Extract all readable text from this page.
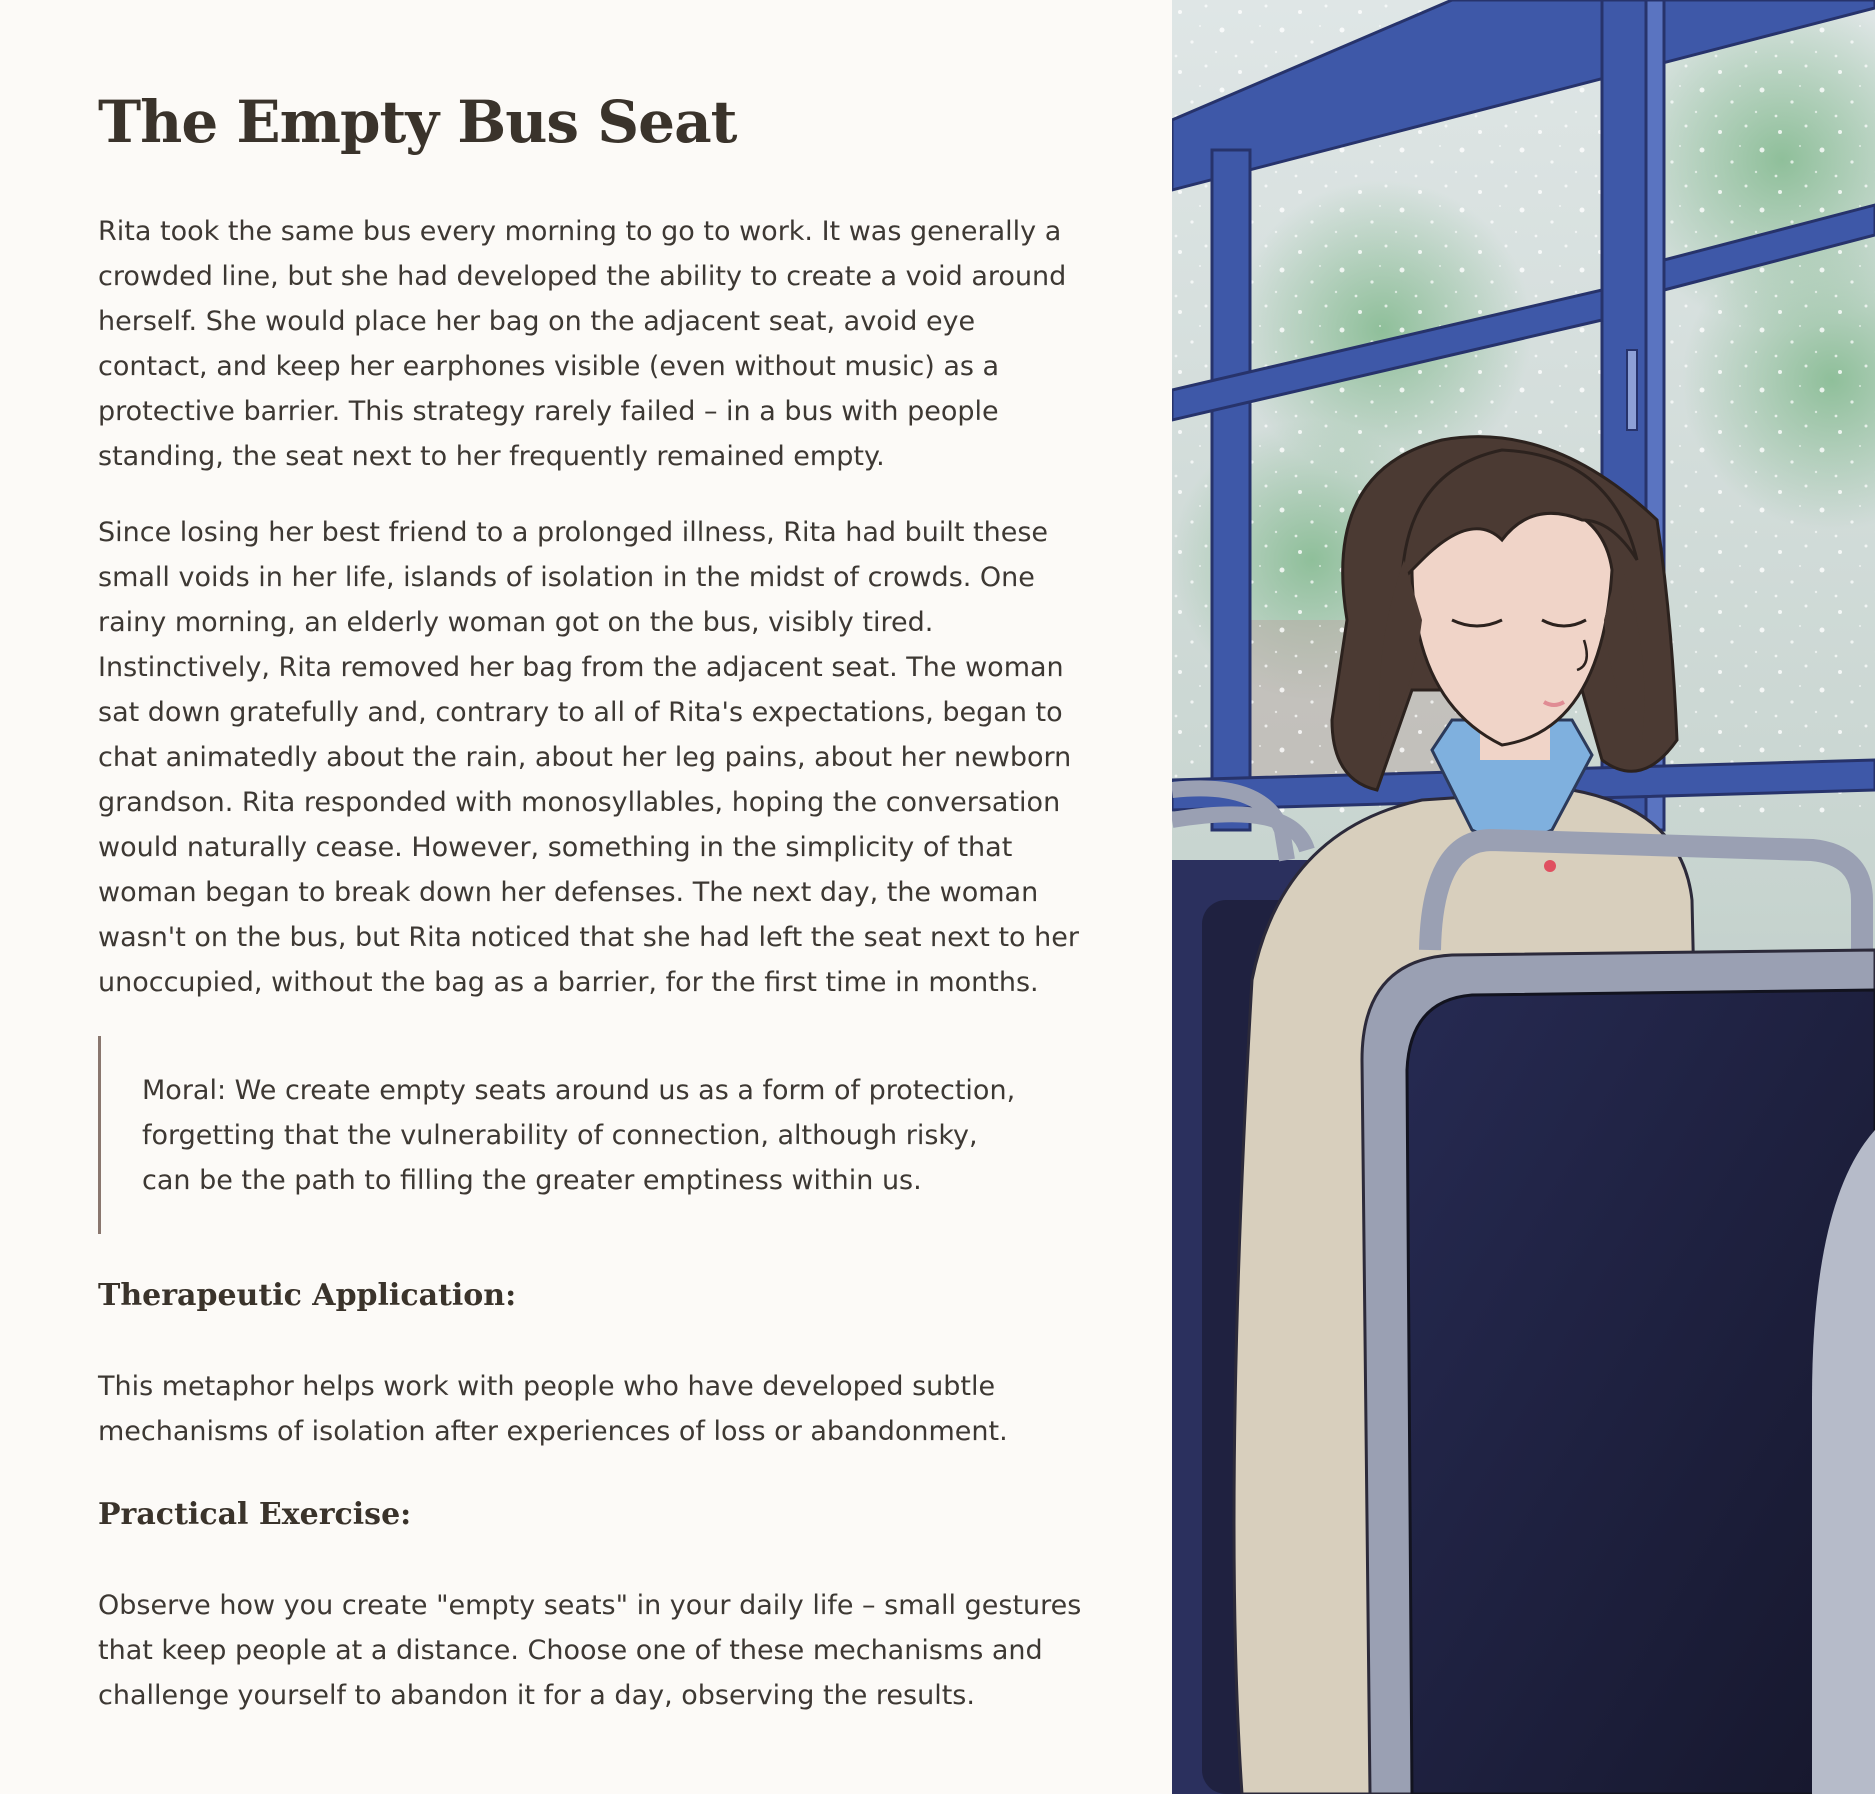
The Empty Bus Seat

Rita took the same bus every morning to go to work. It was generally a crowded line, but she had developed the ability to create a void around herself. She would place her bag on the adjacent seat, avoid eye contact, and keep her earphones visible (even without music) as a protective barrier. This strategy rarely failed – in a bus with people standing, the seat next to her frequently remained empty.

Since losing her best friend to a prolonged illness, Rita had built these small voids in her life, islands of isolation in the midst of crowds. One rainy morning, an elderly woman got on the bus, visibly tired. Instinctively, Rita removed her bag from the adjacent seat. The woman sat down gratefully and, contrary to all of Rita's expectations, began to chat animatedly about the rain, about her leg pains, about her newborn grandson. Rita responded with monosyllables, hoping the conversation would naturally cease. However, something in the simplicity of that woman began to break down her defenses. The next day, the woman wasn't on the bus, but Rita noticed that she had left the seat next to her unoccupied, without the bag as a barrier, for the first time in months.

Moral: We create empty seats around us as a form of protection, forgetting that the vulnerability of connection, although risky, can be the path to filling the greater emptiness within us.

Therapeutic Application:

This metaphor helps work with people who have developed subtle mechanisms of isolation after experiences of loss or abandonment.

Practical Exercise:

Observe how you create "empty seats" in your daily life – small gestures that keep people at a distance. Choose one of these mechanisms and challenge yourself to abandon it for a day, observing the results.
